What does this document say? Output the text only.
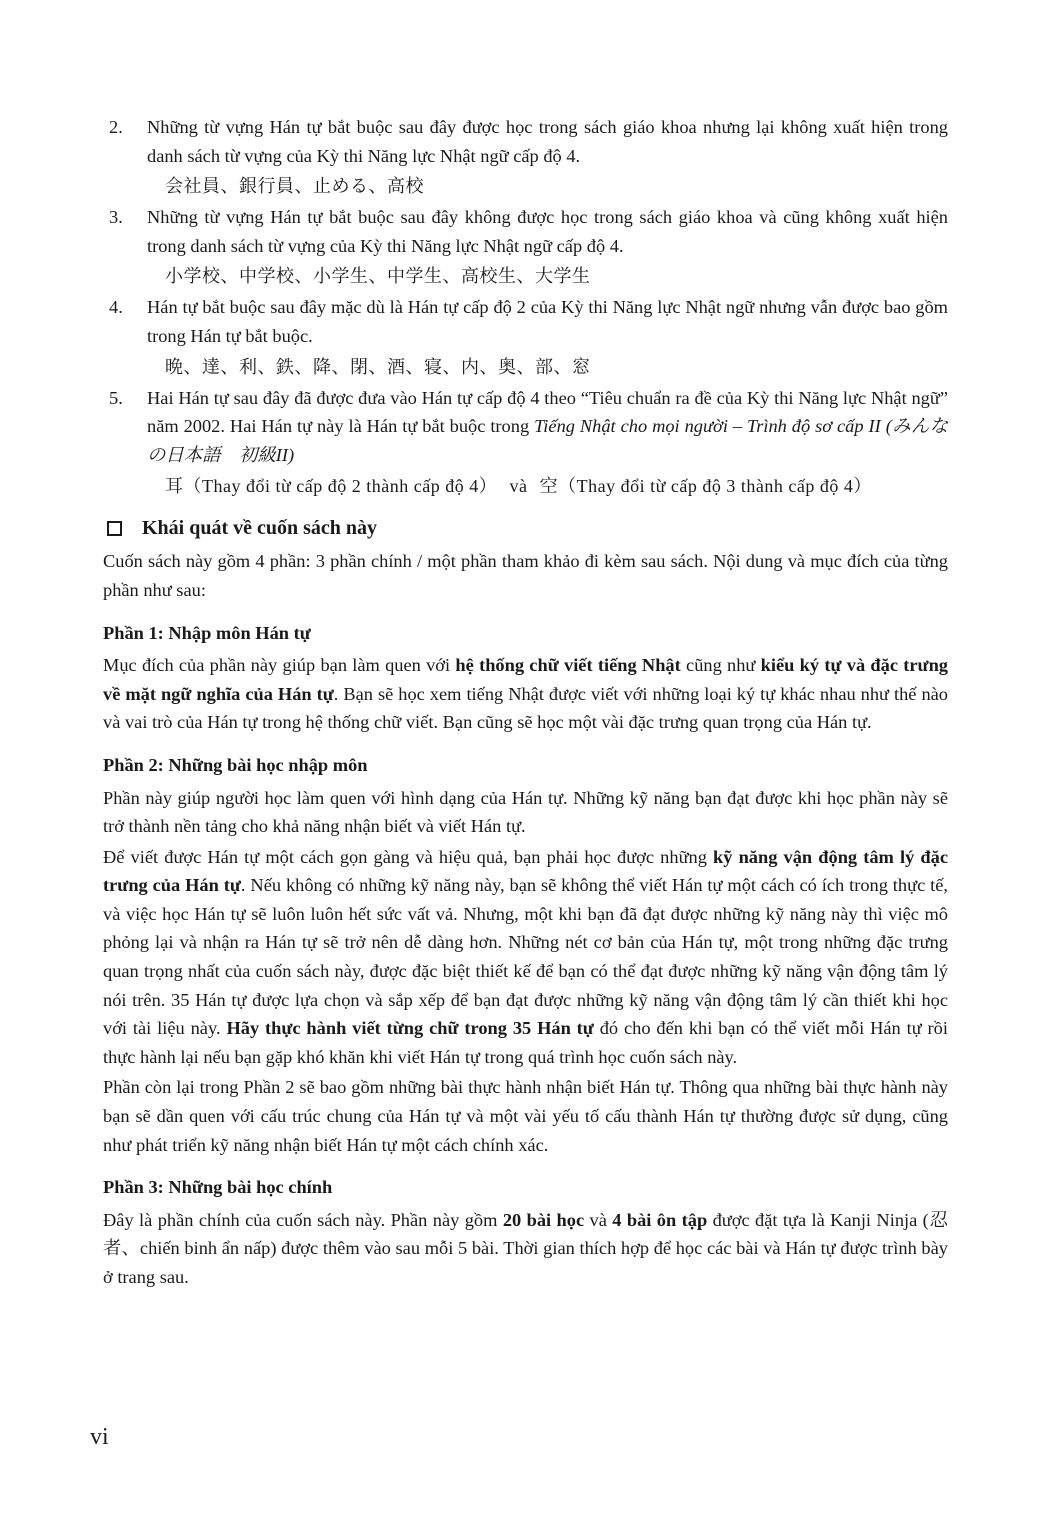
2. Những từ vựng Hán tự bắt buộc sau đây được học trong sách giáo khoa nhưng lại không xuất hiện trong danh sách từ vựng của Kỳ thi Năng lực Nhật ngữ cấp độ 4.

会社員、銀行員、止める、高校
3. Những từ vựng Hán tự bắt buộc sau đây không được học trong sách giáo khoa và cũng không xuất hiện trong danh sách từ vựng của Kỳ thi Năng lực Nhật ngữ cấp độ 4.

小学校、中学校、小学生、中学生、高校生、大学生
4. Hán tự bắt buộc sau đây mặc dù là Hán tự cấp độ 2 của Kỳ thi Năng lực Nhật ngữ nhưng vẫn được bao gồm trong Hán tự bắt buộc.

晩、達、利、鉄、降、閉、酒、寝、内、奥、部、窓
5. Hai Hán tự sau đây đã được đưa vào Hán tự cấp độ 4 theo “Tiêu chuẩn ra đề của Kỳ thi Năng lực Nhật ngữ” năm 2002. Hai Hán tự này là Hán tự bắt buộc trong Tiếng Nhật cho mọi người – Trình độ sơ cấp II (みんなの日本語　初級II)

耳（Thay đổi từ cấp độ 2 thành cấp độ 4） và 空（Thay đổi từ cấp độ 3 thành cấp độ 4）
Khái quát về cuốn sách này

Cuốn sách này gồm 4 phần: 3 phần chính / một phần tham khảo đi kèm sau sách. Nội dung và mục đích của từng phần như sau:

Phần 1: Nhập môn Hán tự

Mục đích của phần này giúp bạn làm quen với hệ thống chữ viết tiếng Nhật cũng như kiểu ký tự và đặc trưng về mặt ngữ nghĩa của Hán tự. Bạn sẽ học xem tiếng Nhật được viết với những loại ký tự khác nhau như thế nào và vai trò của Hán tự trong hệ thống chữ viết. Bạn cũng sẽ học một vài đặc trưng quan trọng của Hán tự.

Phần 2: Những bài học nhập môn

Phần này giúp người học làm quen với hình dạng của Hán tự. Những kỹ năng bạn đạt được khi học phần này sẽ trở thành nền tảng cho khả năng nhận biết và viết Hán tự.

Để viết được Hán tự một cách gọn gàng và hiệu quả, bạn phải học được những kỹ năng vận động tâm lý đặc trưng của Hán tự. Nếu không có những kỹ năng này, bạn sẽ không thể viết Hán tự một cách có ích trong thực tế, và việc học Hán tự sẽ luôn luôn hết sức vất vả. Nhưng, một khi bạn đã đạt được những kỹ năng này thì việc mô phỏng lại và nhận ra Hán tự sẽ trở nên dễ dàng hơn. Những nét cơ bản của Hán tự, một trong những đặc trưng quan trọng nhất của cuốn sách này, được đặc biệt thiết kế để bạn có thể đạt được những kỹ năng vận động tâm lý nói trên. 35 Hán tự được lựa chọn và sắp xếp để bạn đạt được những kỹ năng vận động tâm lý cần thiết khi học với tài liệu này. Hãy thực hành viết từng chữ trong 35 Hán tự đó cho đến khi bạn có thể viết mỗi Hán tự rồi thực hành lại nếu bạn gặp khó khăn khi viết Hán tự trong quá trình học cuốn sách này.

Phần còn lại trong Phần 2 sẽ bao gồm những bài thực hành nhận biết Hán tự. Thông qua những bài thực hành này bạn sẽ dần quen với cấu trúc chung của Hán tự và một vài yếu tố cấu thành Hán tự thường được sử dụng, cũng như phát triển kỹ năng nhận biết Hán tự một cách chính xác.

Phần 3: Những bài học chính

Đây là phần chính của cuốn sách này. Phần này gồm 20 bài học và 4 bài ôn tập được đặt tựa là Kanji Ninja (忍者、chiến binh ẩn nấp) được thêm vào sau mỗi 5 bài. Thời gian thích hợp để học các bài và Hán tự được trình bày ở trang sau.

vi
